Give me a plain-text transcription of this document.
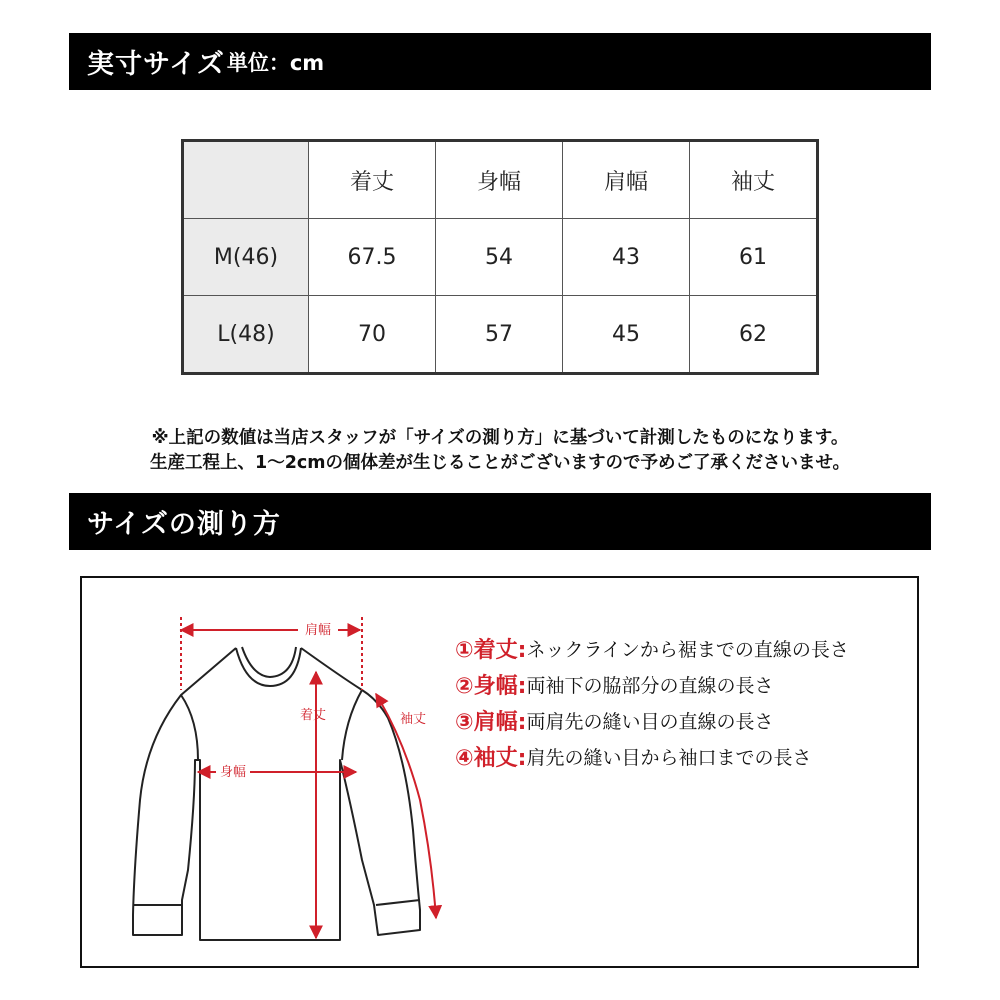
実寸サイズ 単位：cm
	着丈	身幅	肩幅	袖丈
M(46)	67.5	54	43	61
L(48)	70	57	45	62
※上記の数値は当店スタッフが「サイズの測り方」に基づいて計測したものになります。
生産工程上、1〜2cmの個体差が生じることがございますので予めご了承くださいませ。
サイズの測り方
肩幅
着丈
身幅
袖丈
①着丈: ネックラインから裾までの直線の長さ
②身幅: 両袖下の脇部分の直線の長さ
③肩幅: 両肩先の縫い目の直線の長さ
④袖丈: 肩先の縫い目から袖口までの長さ
